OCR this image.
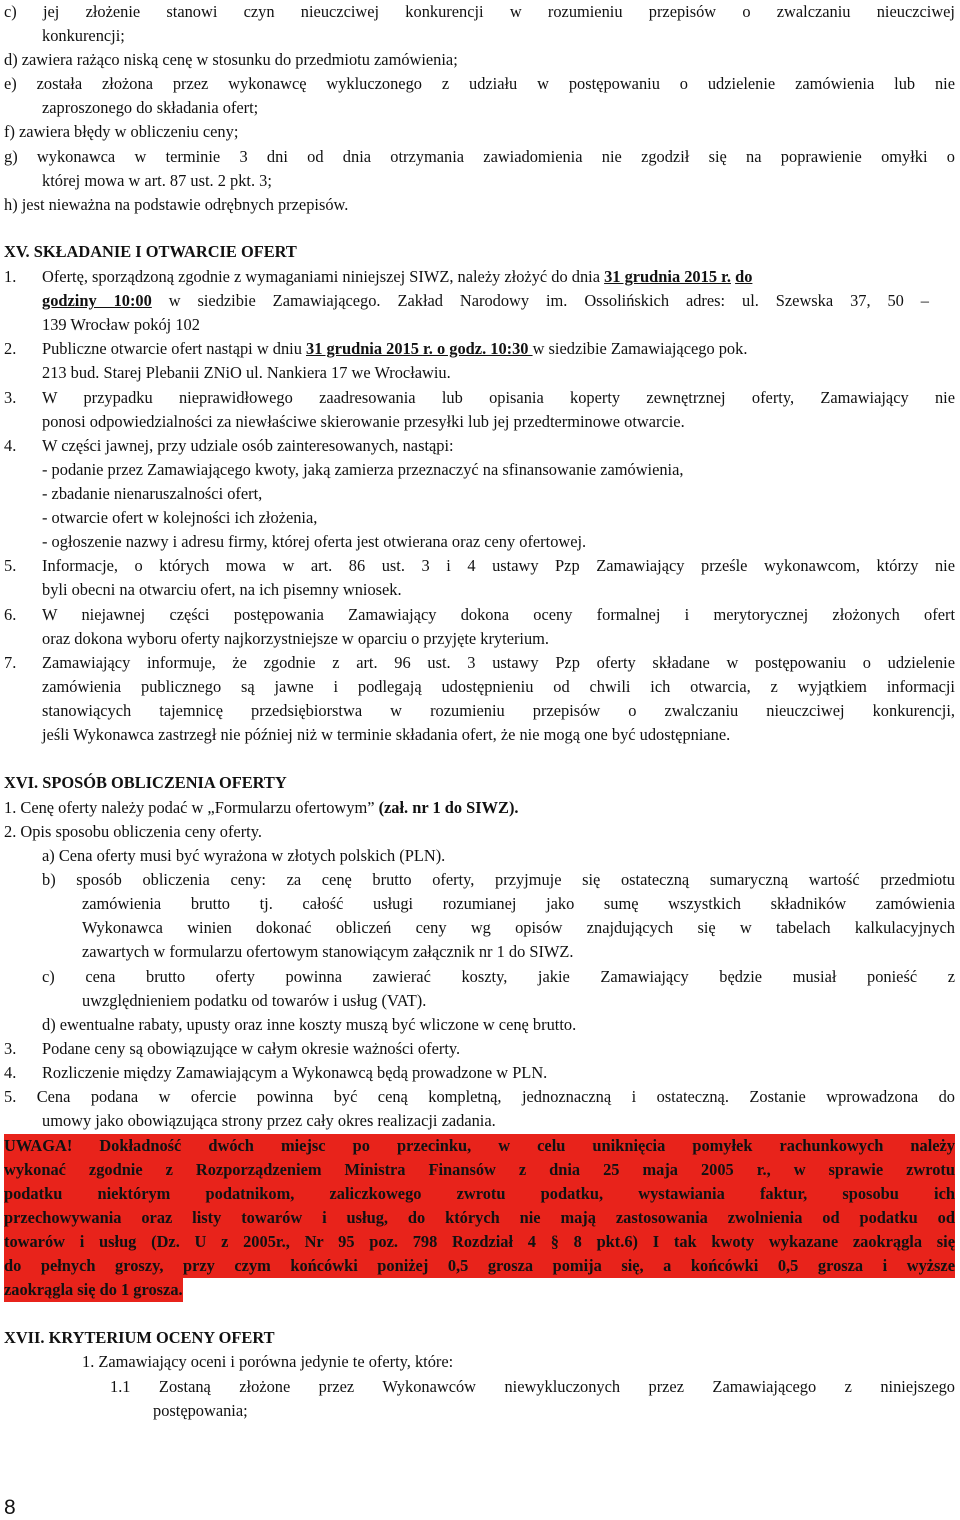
c) jej złożenie stanowi czyn nieuczciwej konkurencji w rozumieniu przepisów o zwalczaniu nieuczciwej
konkurencji;
d) zawiera rażąco niską cenę w stosunku do przedmiotu zamówienia;
e) została złożona przez wykonawcę wykluczonego z udziału w postępowaniu o udzielenie zamówienia lub nie
zaproszonego do składania ofert;
f) zawiera błędy w obliczeniu ceny;
g) wykonawca w terminie 3 dni od dnia otrzymania zawiadomienia nie zgodził się na poprawienie omyłki o
której mowa w art. 87 ust. 2 pkt. 3;
h) jest nieważna na podstawie odrębnych przepisów.
XV. SKŁADANIE I OTWARCIE OFERT
1. Ofertę, sporządzoną zgodnie z wymaganiami niniejszej SIWZ, należy złożyć do dnia 31 grudnia 2015 r. do
godziny 10:00 w siedzibie Zamawiającego. Zakład Narodowy im. Ossolińskich adres: ul. Szewska 37, 50 –
139 Wrocław pokój 102
2. Publiczne otwarcie ofert nastąpi w dniu 31 grudnia 2015 r. o godz. 10:30 w siedzibie Zamawiającego pok.
213 bud. Starej Plebanii ZNiO ul. Nankiera 17 we Wrocławiu.
3. W przypadku nieprawidłowego zaadresowania lub opisania koperty zewnętrznej oferty, Zamawiający nie
ponosi odpowiedzialności za niewłaściwe skierowanie przesyłki lub jej przedterminowe otwarcie.
4. W części jawnej, przy udziale osób zainteresowanych, nastąpi:
- podanie przez Zamawiającego kwoty, jaką zamierza przeznaczyć na sfinansowanie zamówienia,
- zbadanie nienaruszalności ofert,
- otwarcie ofert w kolejności ich złożenia,
- ogłoszenie nazwy i adresu firmy, której oferta jest otwierana oraz ceny ofertowej.
5. Informacje, o których mowa w art. 86 ust. 3 i 4 ustawy Pzp Zamawiający prześle wykonawcom, którzy nie
byli obecni na otwarciu ofert, na ich pisemny wniosek.
6. W niejawnej części postępowania Zamawiający dokona oceny formalnej i merytorycznej złożonych ofert
oraz dokona wyboru oferty najkorzystniejsze w oparciu o przyjęte kryterium.
7. Zamawiający informuje, że zgodnie z art. 96 ust. 3 ustawy Pzp oferty składane w postępowaniu o udzielenie
zamówienia publicznego są jawne i podlegają udostępnieniu od chwili ich otwarcia, z wyjątkiem informacji
stanowiących tajemnicę przedsiębiorstwa w rozumieniu przepisów o zwalczaniu nieuczciwej konkurencji,
jeśli Wykonawca zastrzegł nie później niż w terminie składania ofert, że nie mogą one być udostępniane.
XVI. SPOSÓB OBLICZENIA OFERTY
1. Cenę oferty należy podać w „Formularzu ofertowym” (zał. nr 1 do SIWZ).
2. Opis sposobu obliczenia ceny oferty.
a) Cena oferty musi być wyrażona w złotych polskich (PLN).
b) sposób obliczenia ceny: za cenę brutto oferty, przyjmuje się ostateczną sumaryczną wartość przedmiotu
zamówienia brutto tj. całość usługi rozumianej jako sumę wszystkich składników zamówienia
Wykonawca winien dokonać obliczeń ceny wg opisów znajdujących się w tabelach kalkulacyjnych
zawartych w formularzu ofertowym stanowiącym załącznik nr 1 do SIWZ.
c) cena brutto oferty powinna zawierać koszty, jakie Zamawiający będzie musiał ponieść z
uwzględnieniem podatku od towarów i usług (VAT).
d) ewentualne rabaty, upusty oraz inne koszty muszą być wliczone w cenę brutto.
3. Podane ceny są obowiązujące w całym okresie ważności oferty.
4. Rozliczenie między Zamawiającym a Wykonawcą będą prowadzone w PLN.
5. Cena podana w ofercie powinna być ceną kompletną, jednoznaczną i ostateczną. Zostanie wprowadzona do
umowy jako obowiązująca strony przez cały okres realizacji zadania.
UWAGA! Dokładność dwóch miejsc po przecinku, w celu uniknięcia pomyłek rachunkowych należy
wykonać zgodnie z Rozporządzeniem Ministra Finansów z dnia 25 maja 2005 r., w sprawie zwrotu
podatku niektórym podatnikom, zaliczkowego zwrotu podatku, wystawiania faktur, sposobu ich
przechowywania oraz listy towarów i usług, do których nie mają zastosowania zwolnienia od podatku od
towarów i usług (Dz. U z 2005r., Nr 95 poz. 798 Rozdział 4 § 8 pkt.6) I tak kwoty wykazane zaokrągla się
do pełnych groszy, przy czym końcówki poniżej 0,5 grosza pomija się, a końcówki 0,5 grosza i wyższe
zaokrągla się do 1 grosza.
XVII. KRYTERIUM OCENY OFERT
1. Zamawiający oceni i porówna jedynie te oferty, które:
1.1 Zostaną złożone przez Wykonawców niewykluczonych przez Zamawiającego z niniejszego
postępowania;
8
